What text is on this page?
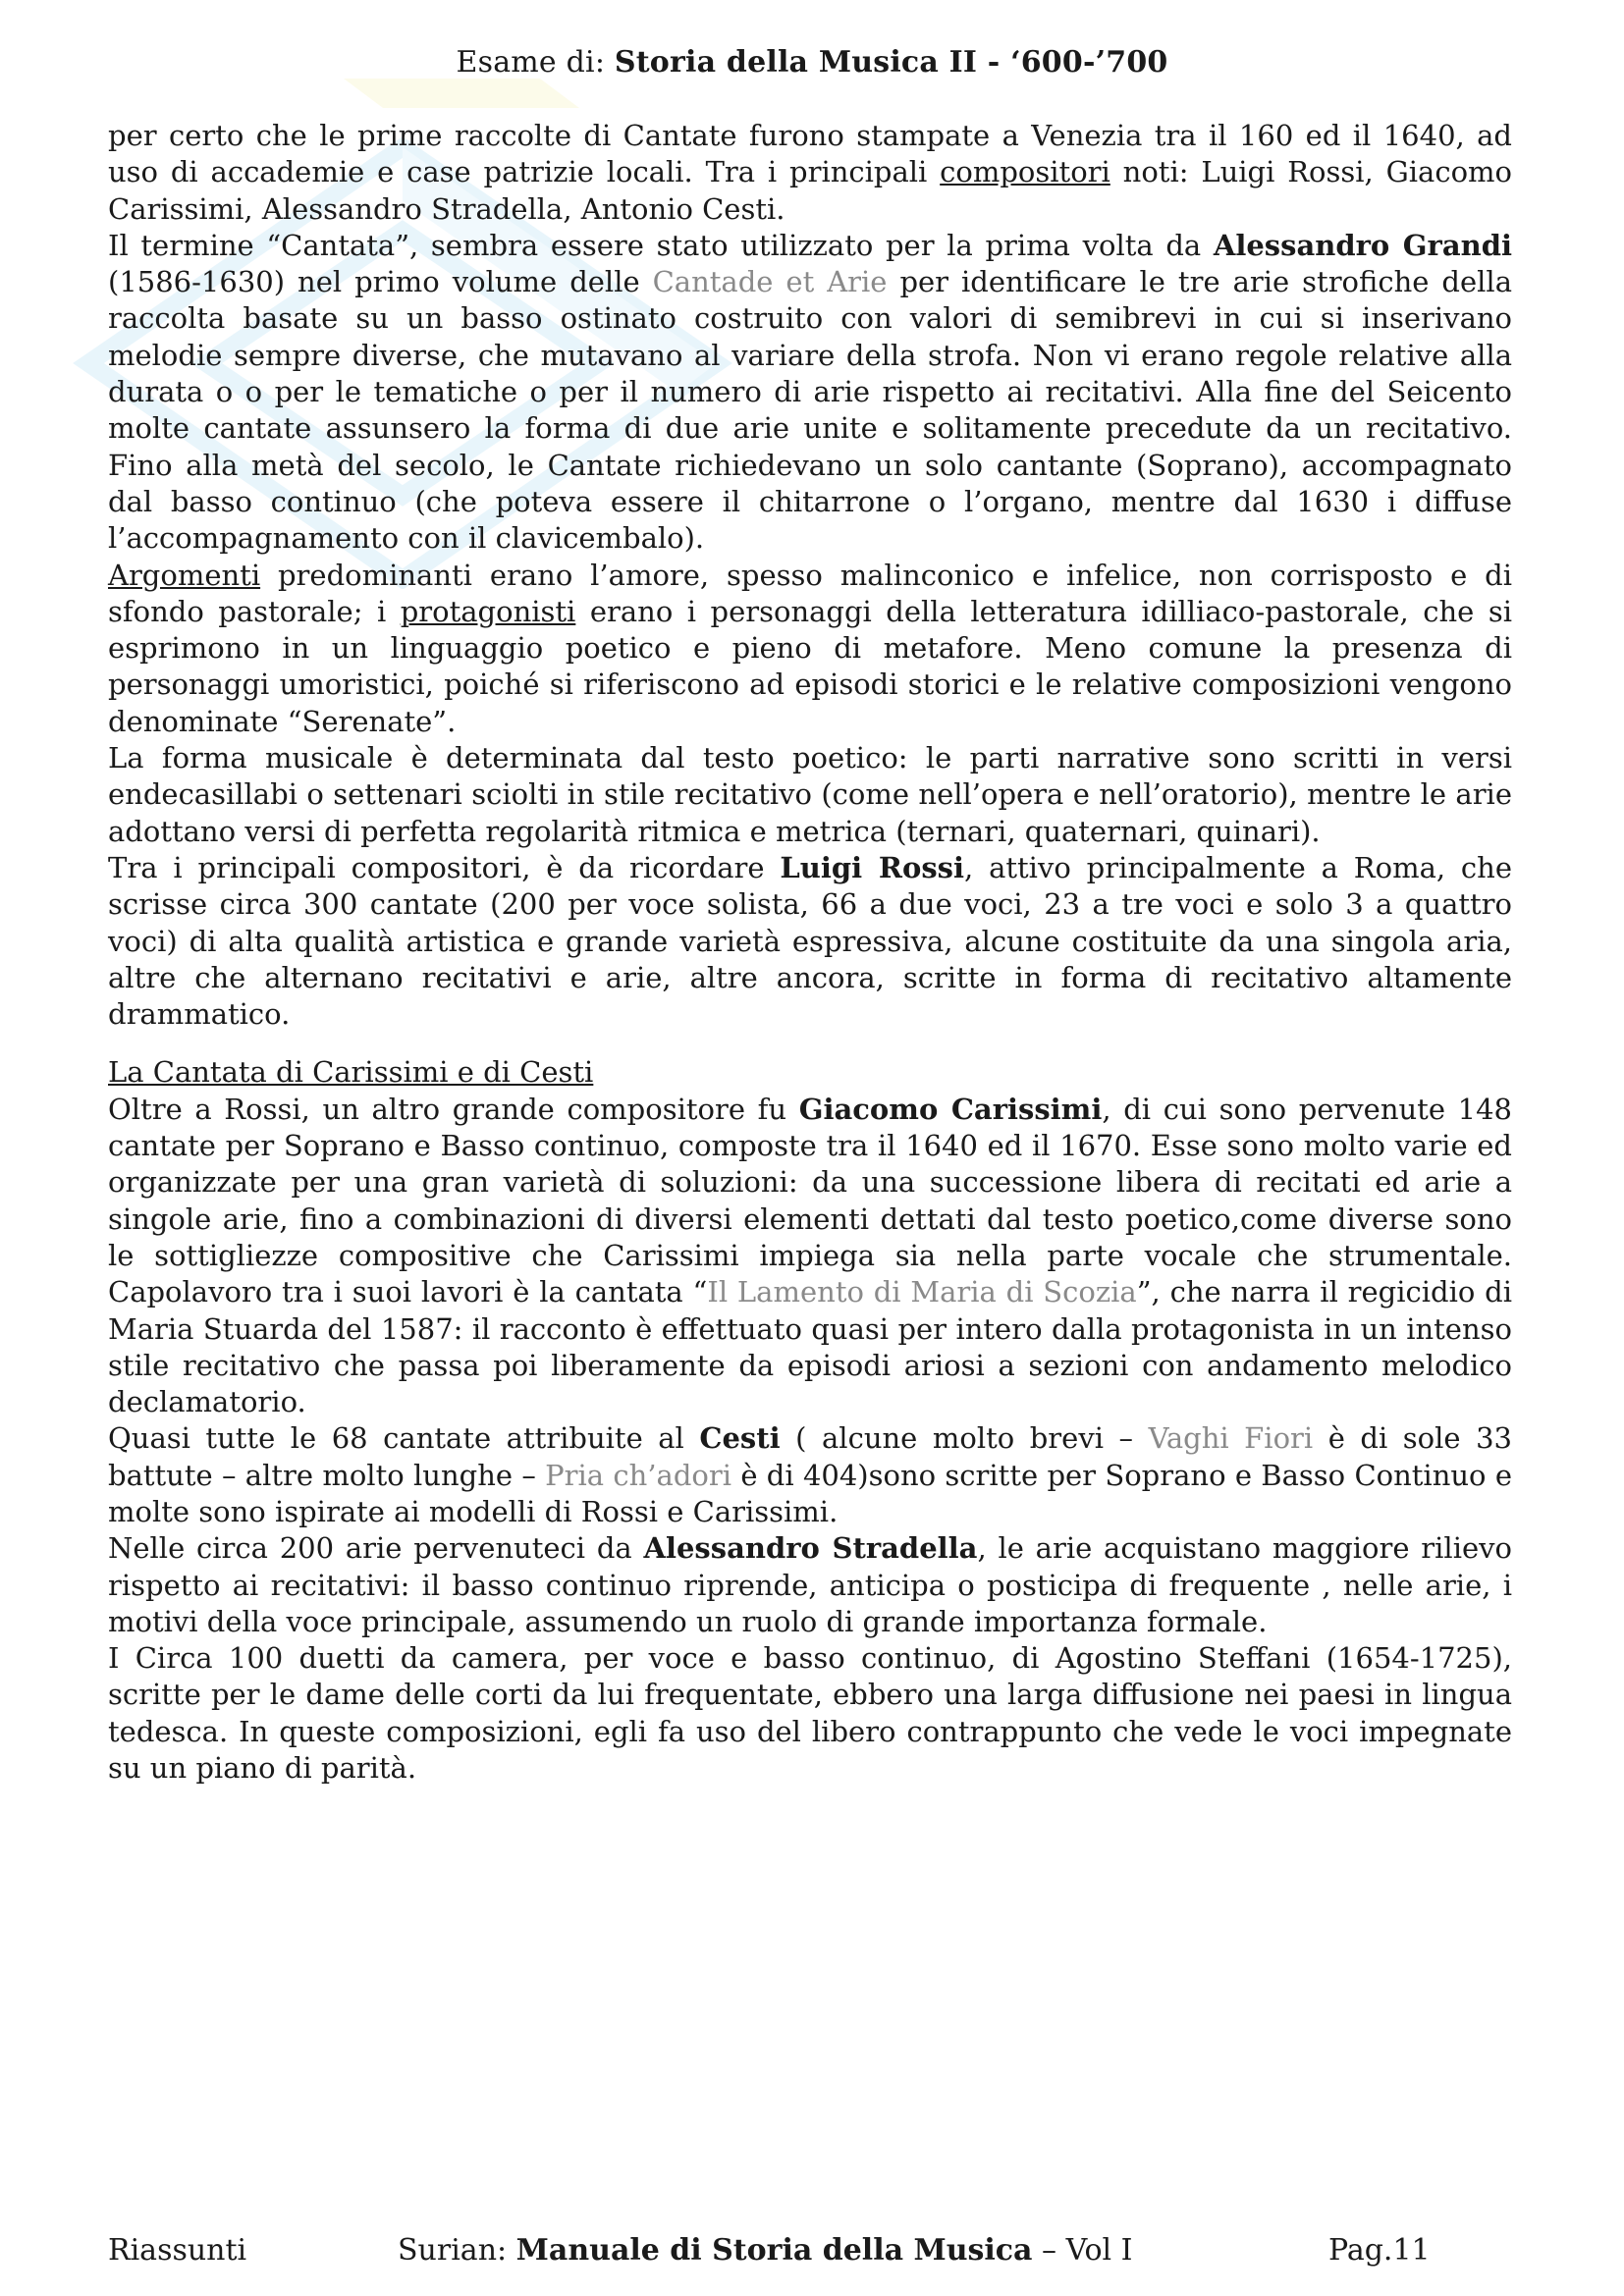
Esame di: Storia della Musica II - ‘600-’700

per certo che le prime raccolte di Cantate furono stampate a Venezia tra il 160 ed il 1640, ad uso di accademie e case patrizie locali. Tra i principali compositori noti: Luigi Rossi, Giacomo Carissimi, Alessandro Stradella, Antonio Cesti.

Il termine “Cantata”, sembra essere stato utilizzato per la prima volta da Alessandro Grandi (1586-1630) nel primo volume delle Cantade et Arie per identificare le tre arie strofiche della raccolta basate su un basso ostinato costruito con valori di semibrevi in cui si inserivano melodie sempre diverse, che mutavano al variare della strofa. Non vi erano regole relative alla durata o o per le tematiche o per il numero di arie rispetto ai recitativi. Alla fine del Seicento molte cantate assunsero la forma di due arie unite e solitamente precedute da un recitativo. Fino alla metà del secolo, le Cantate richiedevano un solo cantante (Soprano), accompagnato dal basso continuo (che poteva essere il chitarrone o l’organo, mentre dal 1630 i diffuse l’accompagnamento con il clavicembalo).

Argomenti predominanti erano l’amore, spesso malinconico e infelice, non corrisposto e di sfondo pastorale; i protagonisti erano i personaggi della letteratura idilliaco-pastorale, che si esprimono in un linguaggio poetico e pieno di metafore. Meno comune la presenza di personaggi umoristici, poiché si riferiscono ad episodi storici e le relative composizioni vengono denominate “Serenate”.

La forma musicale è determinata dal testo poetico: le parti narrative sono scritti in versi endecasillabi o settenari sciolti in stile recitativo (come nell’opera e nell’oratorio), mentre le arie adottano versi di perfetta regolarità ritmica e metrica (ternari, quaternari, quinari).

Tra i principali compositori, è da ricordare Luigi Rossi, attivo principalmente a Roma, che scrisse circa 300 cantate (200 per voce solista, 66 a due voci, 23 a tre voci e solo 3 a quattro voci) di alta qualità artistica e grande varietà espressiva, alcune costituite da una singola aria, altre che alternano recitativi e arie, altre ancora, scritte in forma di recitativo altamente drammatico.

La Cantata di Carissimi e di Cesti

Oltre a Rossi, un altro grande compositore fu Giacomo Carissimi, di cui sono pervenute 148 cantate per Soprano e Basso continuo, composte tra il 1640 ed il 1670. Esse sono molto varie ed organizzate per una gran varietà di soluzioni: da una successione libera di recitati ed arie a singole arie, fino a combinazioni di diversi elementi dettati dal testo poetico,come diverse sono le sottigliezze compositive che Carissimi impiega sia nella parte vocale che strumentale. Capolavoro tra i suoi lavori è la cantata “Il Lamento di Maria di Scozia”, che narra il regicidio di Maria Stuarda del 1587: il racconto è effettuato quasi per intero dalla protagonista in un intenso stile recitativo che passa poi liberamente da episodi ariosi a sezioni con andamento melodico declamatorio.

Quasi tutte le 68 cantate attribuite al Cesti ( alcune molto brevi – Vaghi Fiori è di sole 33 battute – altre molto lunghe – Pria ch’adori è di 404)sono scritte per Soprano e Basso Continuo e molte sono ispirate ai modelli di Rossi e Carissimi.

Nelle circa 200 arie pervenuteci da Alessandro Stradella, le arie acquistano maggiore rilievo rispetto ai recitativi: il basso continuo riprende, anticipa o posticipa di frequente , nelle arie, i motivi della voce principale, assumendo un ruolo di grande importanza formale.

I Circa 100 duetti da camera, per voce e basso continuo, di Agostino Steffani (1654-1725), scritte per le dame delle corti da lui frequentate, ebbero una larga diffusione nei paesi in lingua tedesca. In queste composizioni, egli fa uso del libero contrappunto che vede le voci impegnate su un piano di parità.

Riassunti	Surian: Manuale di Storia della Musica – Vol I	Pag.11
